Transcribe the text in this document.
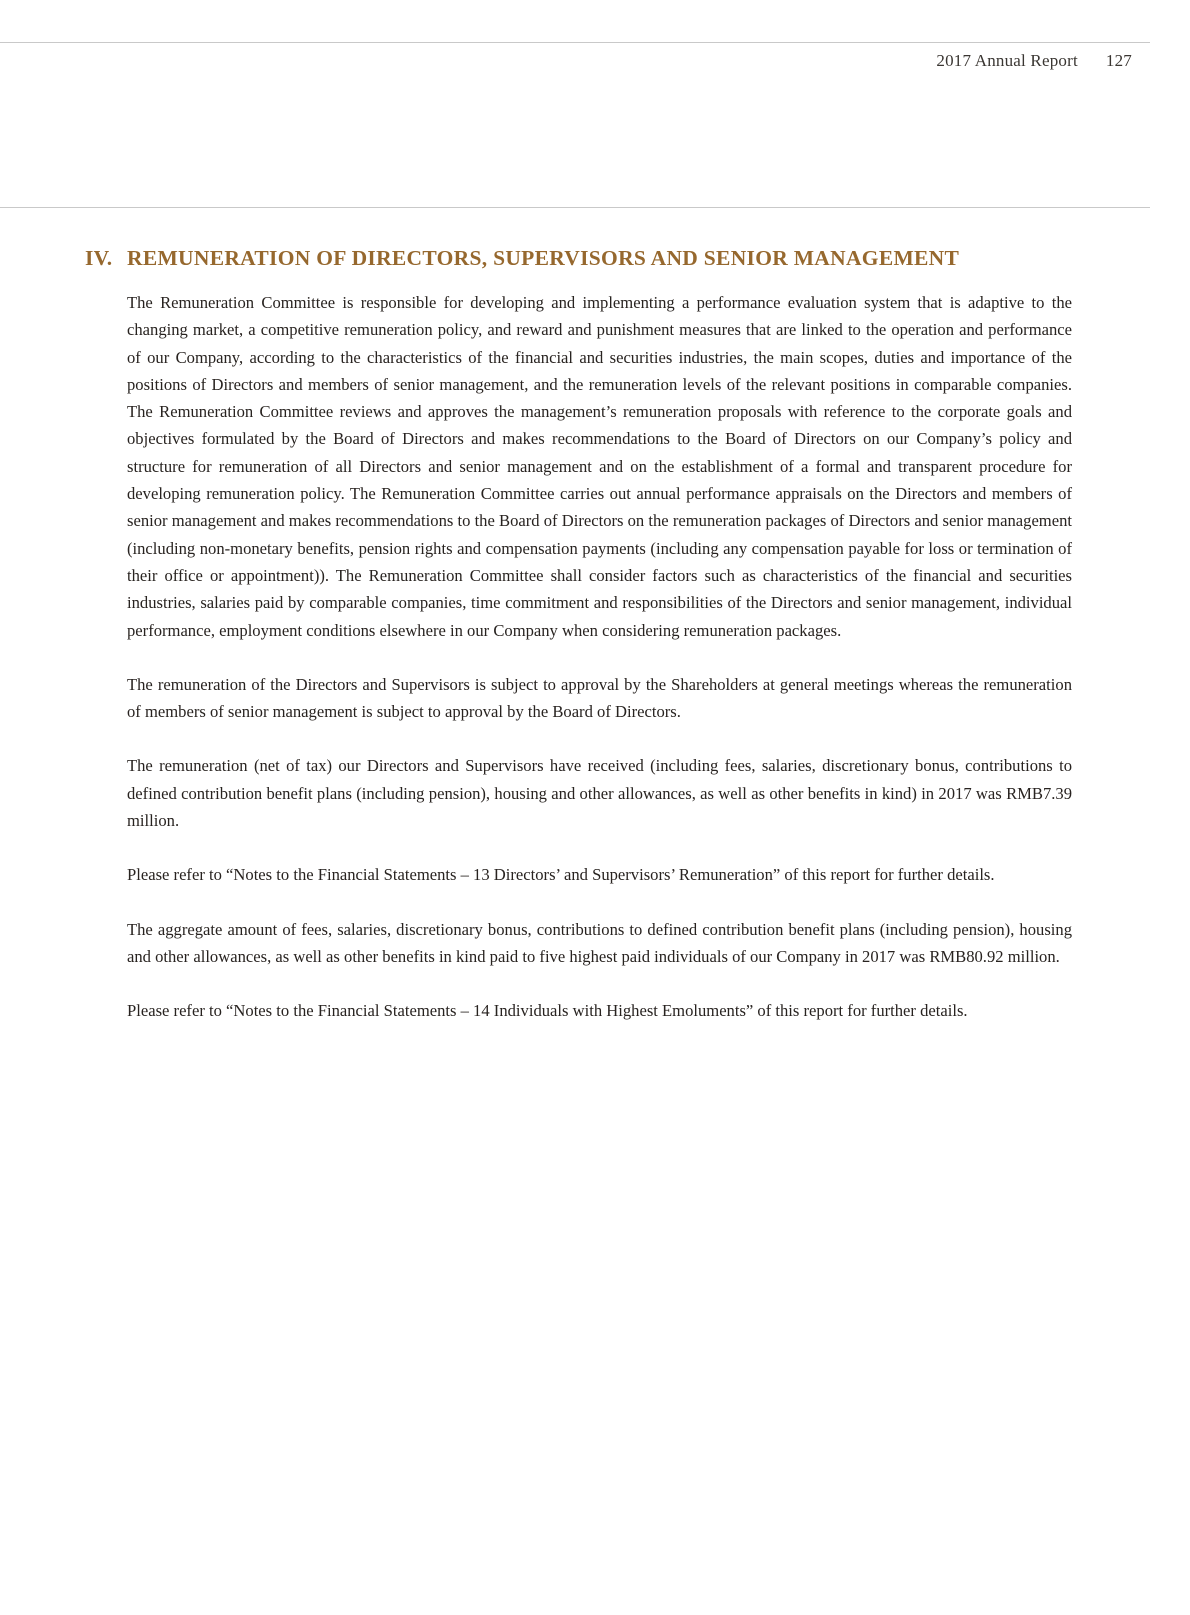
2017 Annual Report 127
IV. REMUNERATION OF DIRECTORS, SUPERVISORS AND SENIOR MANAGEMENT

The Remuneration Committee is responsible for developing and implementing a performance evaluation system that is adaptive to the changing market, a competitive remuneration policy, and reward and punishment measures that are linked to the operation and performance of our Company, according to the characteristics of the financial and securities industries, the main scopes, duties and importance of the positions of Directors and members of senior management, and the remuneration levels of the relevant positions in comparable companies. The Remuneration Committee reviews and approves the management’s remuneration proposals with reference to the corporate goals and objectives formulated by the Board of Directors and makes recommendations to the Board of Directors on our Company’s policy and structure for remuneration of all Directors and senior management and on the establishment of a formal and transparent procedure for developing remuneration policy. The Remuneration Committee carries out annual performance appraisals on the Directors and members of senior management and makes recommendations to the Board of Directors on the remuneration packages of Directors and senior management (including non-monetary benefits, pension rights and compensation payments (including any compensation payable for loss or termination of their office or appointment)). The Remuneration Committee shall consider factors such as characteristics of the financial and securities industries, salaries paid by comparable companies, time commitment and responsibilities of the Directors and senior management, individual performance, employment conditions elsewhere in our Company when considering remuneration packages.

The remuneration of the Directors and Supervisors is subject to approval by the Shareholders at general meetings whereas the remuneration of members of senior management is subject to approval by the Board of Directors.

The remuneration (net of tax) our Directors and Supervisors have received (including fees, salaries, discretionary bonus, contributions to defined contribution benefit plans (including pension), housing and other allowances, as well as other benefits in kind) in 2017 was RMB7.39 million.

Please refer to “Notes to the Financial Statements – 13 Directors’ and Supervisors’ Remuneration” of this report for further details.

The aggregate amount of fees, salaries, discretionary bonus, contributions to defined contribution benefit plans (including pension), housing and other allowances, as well as other benefits in kind paid to five highest paid individuals of our Company in 2017 was RMB80.92 million.

Please refer to “Notes to the Financial Statements – 14 Individuals with Highest Emoluments” of this report for further details.
